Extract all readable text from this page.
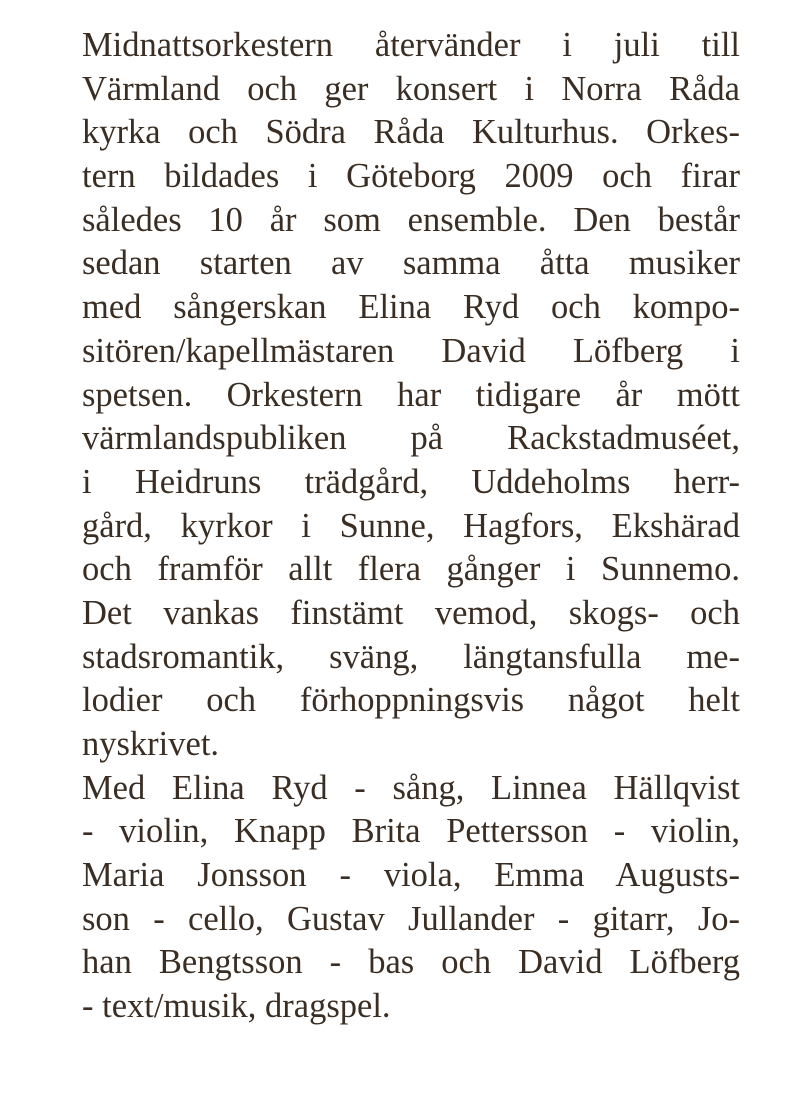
Midnattsorkestern återvänder i juli till
Värmland och ger konsert i Norra Råda
kyrka och Södra Råda Kulturhus. Orkes-
tern bildades i Göteborg 2009 och firar
således 10 år som ensemble. Den består
sedan starten av samma åtta musiker
med sångerskan Elina Ryd och kompo-
sitören/kapellmästaren David Löfberg i
spetsen. Orkestern har tidigare år mött
värmlandspubliken på Rackstadmuséet,
i Heidruns trädgård, Uddeholms herr-
gård, kyrkor i Sunne, Hagfors, Ekshärad
och framför allt flera gånger i Sunnemo.
Det vankas finstämt vemod, skogs- och
stadsromantik, sväng, längtansfulla me-
lodier och förhoppningsvis något helt
nyskrivet.
Med Elina Ryd - sång, Linnea Hällqvist
- violin, Knapp Brita Pettersson - violin,
Maria Jonsson - viola, Emma Augusts-
son - cello, Gustav Jullander - gitarr, Jo-
han Bengtsson - bas och David Löfberg
- text/musik, dragspel.
